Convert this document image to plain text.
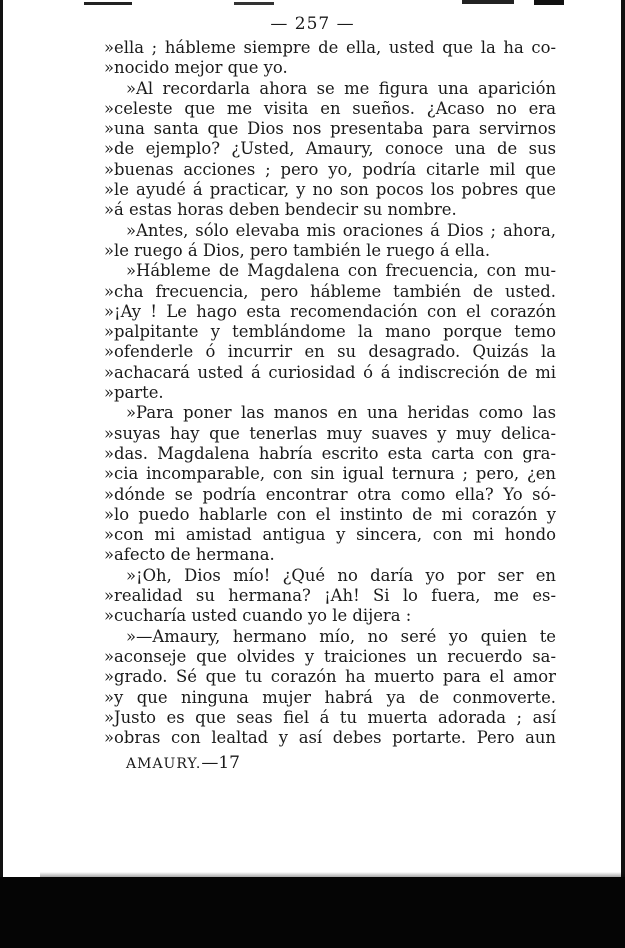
— 257 —
»ella ; hábleme siempre de ella, usted que la ha co-
»nocido mejor que yo.
»Al recordarla ahora se me figura una aparición
»celeste que me visita en sueños. ¿Acaso no era
»una santa que Dios nos presentaba para servirnos
»de ejemplo? ¿Usted, Amaury, conoce una de sus
»buenas acciones ; pero yo, podría citarle mil que
»le ayudé á practicar, y no son pocos los pobres que
»á estas horas deben bendecir su nombre.
»Antes, sólo elevaba mis oraciones á Dios ; ahora,
»le ruego á Dios, pero también le ruego á ella.
»Hábleme de Magdalena con frecuencia, con mu-
»cha frecuencia, pero hábleme también de usted.
»¡Ay ! Le hago esta recomendación con el corazón
»palpitante y temblándome la mano porque temo
»ofenderle ó incurrir en su desagrado. Quizás la
»achacará usted á curiosidad ó á indiscreción de mi
»parte.
»Para poner las manos en una heridas como las
»suyas hay que tenerlas muy suaves y muy delica-
»das. Magdalena habría escrito esta carta con gra-
»cia incomparable, con sin igual ternura ; pero, ¿en
»dónde se podría encontrar otra como ella? Yo só-
»lo puedo hablarle con el instinto de mi corazón y
»con mi amistad antigua y sincera, con mi hondo
»afecto de hermana.
»¡Oh, Dios mío! ¿Qué no daría yo por ser en
»realidad su hermana? ¡Ah! Si lo fuera, me es-
»cucharía usted cuando yo le dijera :
»—Amaury, hermano mío, no seré yo quien te
»aconseje que olvides y traiciones un recuerdo sa-
»grado. Sé que tu corazón ha muerto para el amor
»y que ninguna mujer habrá ya de conmoverte.
»Justo es que seas fiel á tu muerta adorada ; así
»obras con lealtad y así debes portarte. Pero aun
AMAURY.—17
